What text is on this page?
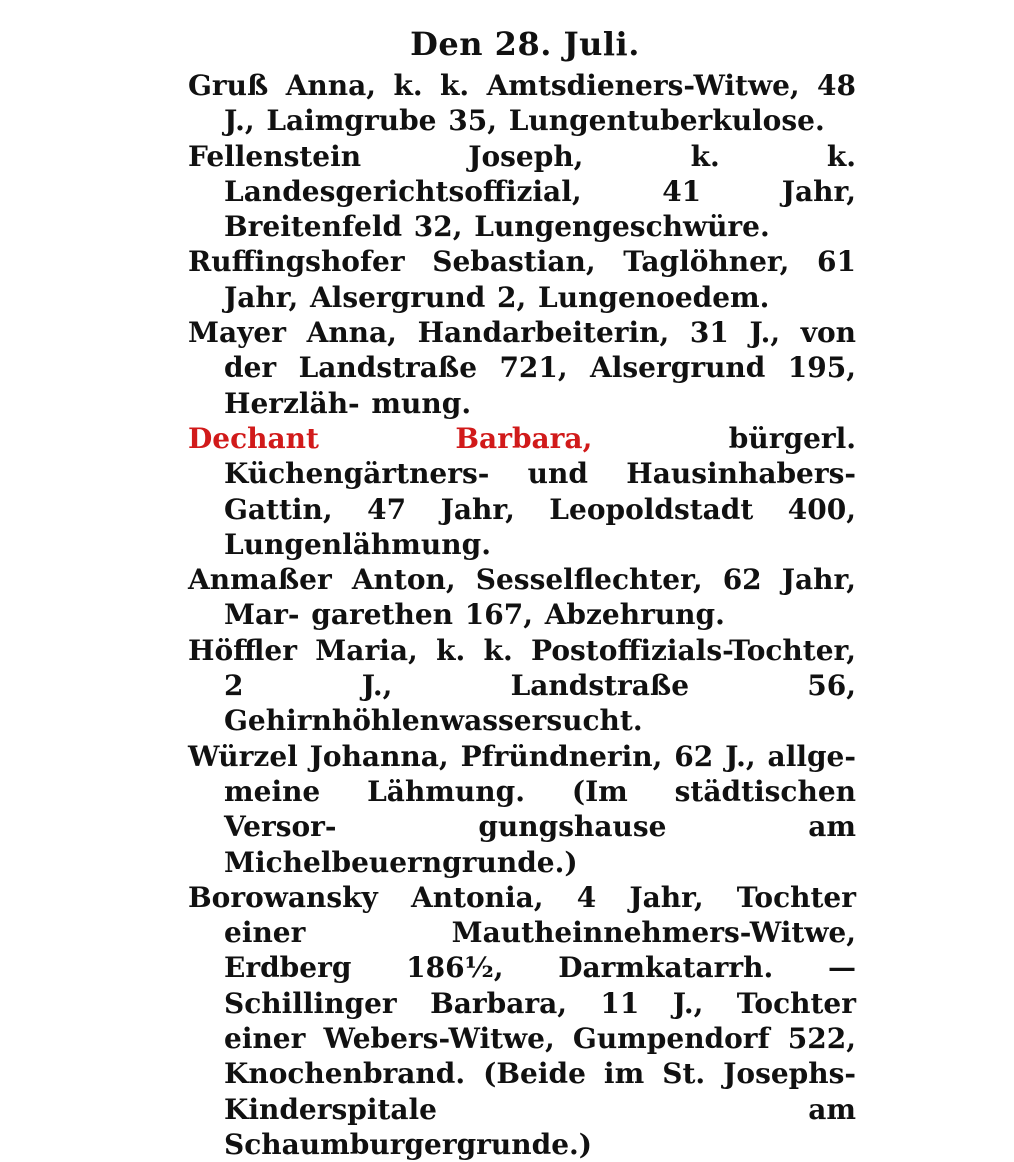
Den 28. Juli.

Gruß Anna, k. k. Amtsdieners-Witwe, 48 J., Laimgrube 35, Lungentuberkulose.

Fellenstein Joseph,	k. k. Landesgerichtsoffizial, 41 Jahr, Breitenfeld 32, Lungengeschwüre.

Ruffingshofer Sebastian, Taglöhner, 61 Jahr, Alsergrund 2, Lungenoedem.

Mayer Anna, Handarbeiterin, 31 J., von der Landstraße 721, Alsergrund 195, Herzläh- mung.

Dechant Barbara,	bürgerl. Küchengärtners- und Hausinhabers-Gattin, 47 Jahr, Leopoldstadt 400, Lungenlähmung.

Anmaßer Anton, Sesselflechter, 62 Jahr, Mar- garethen 167, Abzehrung.

Höffler Maria, k. k. Postoffizials-Tochter, 2 J., Landstraße 56, Gehirnhöhlenwassersucht.

Würzel Johanna, Pfründnerin, 62 J., allge- meine Lähmung. (Im städtischen Versor- gungshause am Michelbeuerngrunde.)

Borowansky Antonia, 4 Jahr, Tochter einer Mautheinnehmers-Witwe, Erdberg 186½, Darmkatarrh. — Schillinger Barbara, 11 J., Tochter einer Webers-Witwe, Gumpendorf 522, Knochenbrand. (Beide im St. Josephs- Kinderspitale am Schaumburgergrunde.)
